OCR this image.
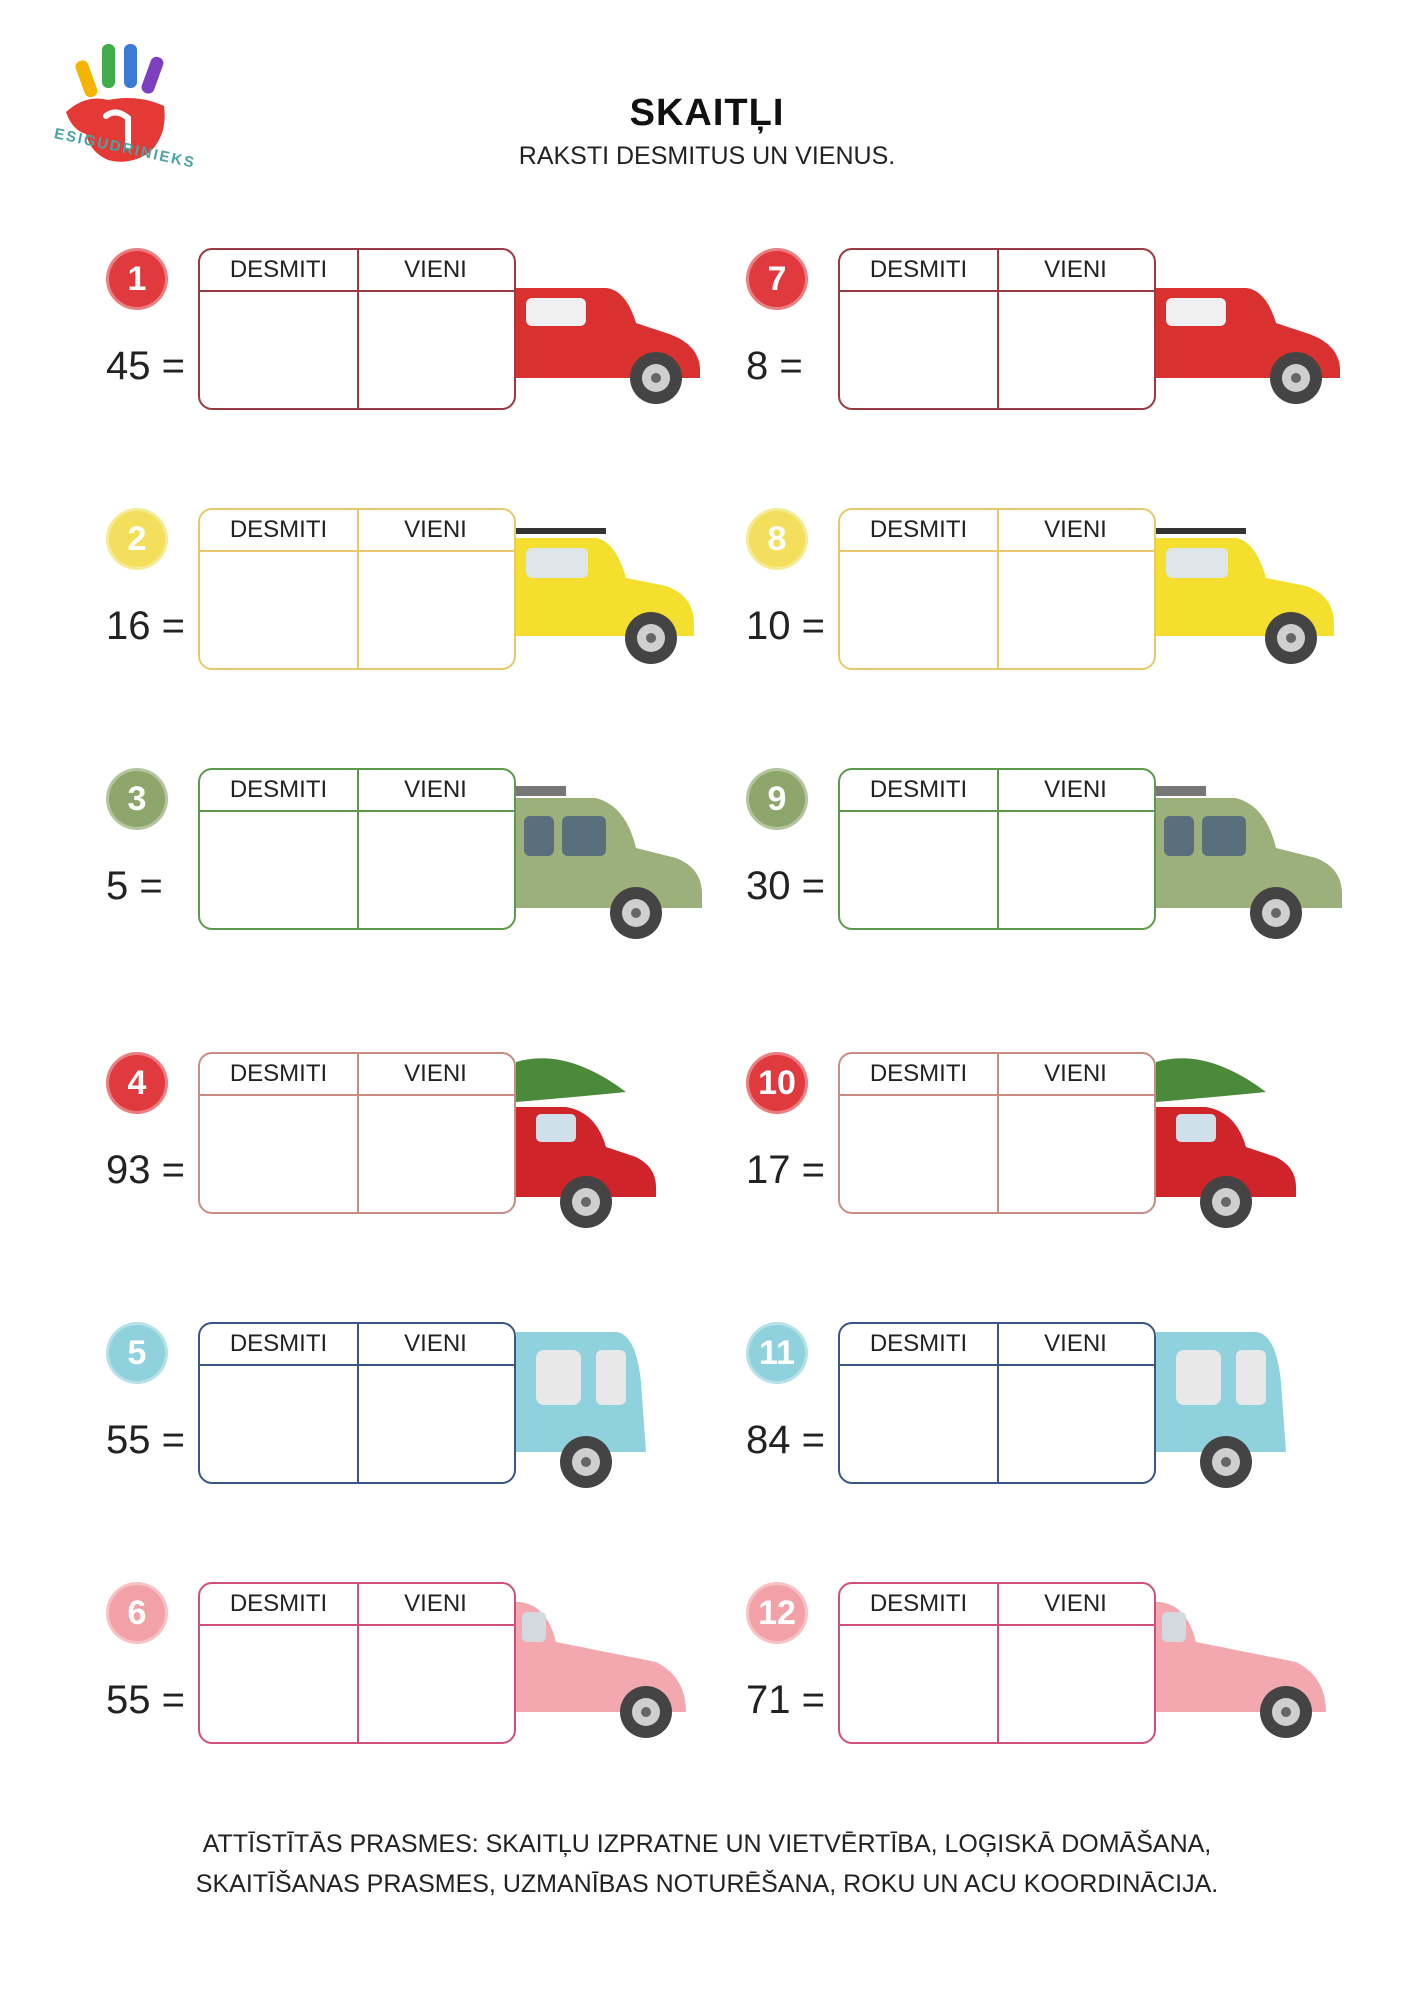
ESIGUDRINIEKS
SKAITĻI
RAKSTI DESMITUS UN VIENUS.
1
45 =
DESMITI	VIENI
2
16 =
DESMITI	VIENI
3
5 =
DESMITI	VIENI
4
93 =
DESMITI	VIENI
5
55 =
DESMITI	VIENI
6
55 =
DESMITI	VIENI
7
8 =
DESMITI	VIENI
8
10 =
DESMITI	VIENI
9
30 =
DESMITI	VIENI
10
17 =
DESMITI	VIENI
11
84 =
DESMITI	VIENI
12
71 =
DESMITI	VIENI
ATTĪSTĪTĀS PRASMES: SKAITĻU IZPRATNE UN VIETVĒRTĪBA, LOĢISKĀ DOMĀŠANA,
SKAITĪŠANAS PRASMES, UZMANĪBAS NOTURĒŠANA, ROKU UN ACU KOORDINĀCIJA.
